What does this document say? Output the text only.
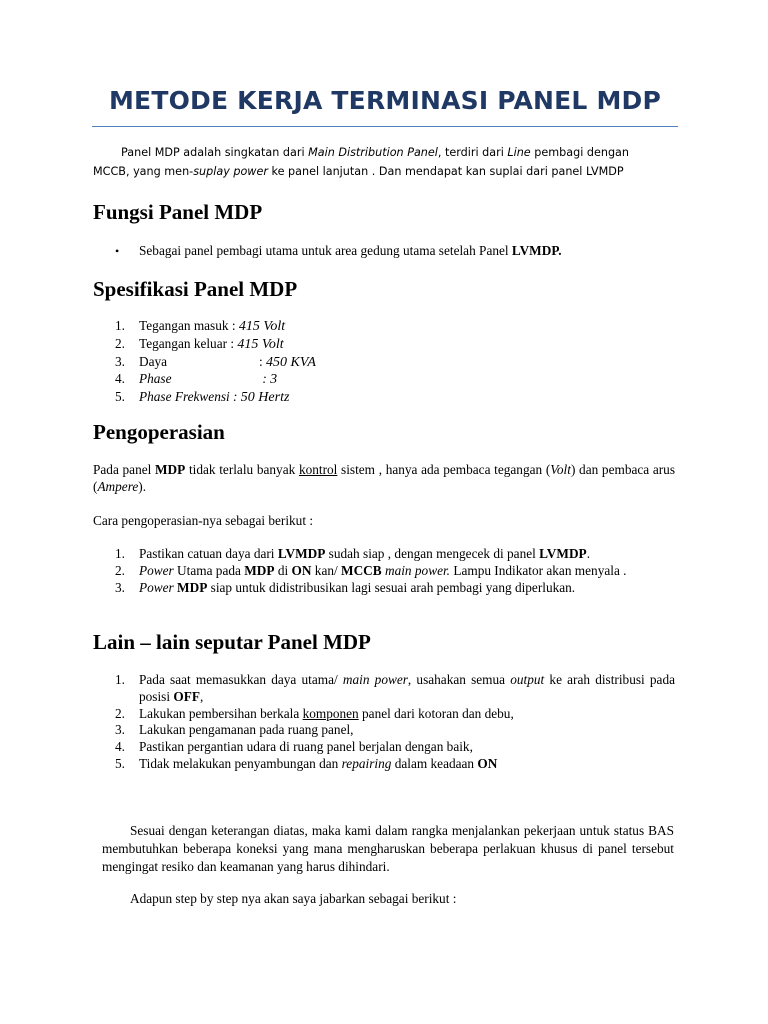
METODE KERJA TERMINASI PANEL MDP

Panel MDP adalah singkatan dari Main Distribution Panel, terdiri dari Line pembagi dengan MCCB, yang men-suplay power ke panel lanjutan . Dan mendapat kan suplai dari panel LVMDP

Fungsi Panel MDP
• Sebagai panel pembagi utama untuk area gedung utama setelah Panel LVMDP.
Spesifikasi Panel MDP
1. Tegangan masuk : 415 Volt
2. Tegangan keluar : 415 Volt
3. Daya	: 450 KVA
4. Phase	: 3
5. Phase Frekwensi : 50 Hertz
Pengoperasian

Pada panel MDP tidak terlalu banyak kontrol sistem , hanya ada pembaca tegangan (Volt) dan pembaca arus (Ampere).

Cara pengoperasian-nya sebagai berikut :

1. Pastikan catuan daya dari LVMDP sudah siap , dengan mengecek di panel LVMDP.
2. Power Utama pada MDP di ON kan/ MCCB main power. Lampu Indikator akan menyala .
3. Power MDP siap untuk didistribusikan lagi sesuai arah pembagi yang diperlukan.
Lain – lain seputar Panel MDP
1. Pada saat memasukkan daya utama/ main power, usahakan semua output ke arah distribusi pada posisi OFF,
2. Lakukan pembersihan berkala komponen panel dari kotoran dan debu,
3. Lakukan pengamanan pada ruang panel,
4. Pastikan pergantian udara di ruang panel berjalan dengan baik,
5. Tidak melakukan penyambungan dan repairing dalam keadaan ON

Sesuai dengan keterangan diatas, maka kami dalam rangka menjalankan pekerjaan untuk status BAS membutuhkan beberapa koneksi yang mana mengharuskan beberapa perlakuan khusus di panel tersebut mengingat resiko dan keamanan yang harus dihindari.

Adapun step by step nya akan saya jabarkan sebagai berikut :
